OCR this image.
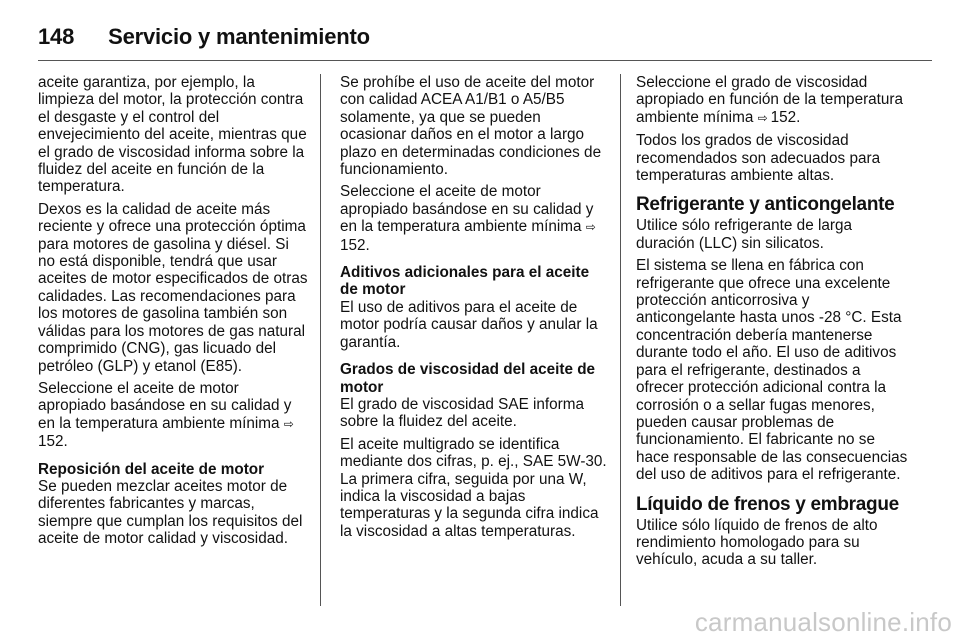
148 Servicio y mantenimiento

aceite garantiza, por ejemplo, la limpieza del motor, la protección contra el desgaste y el control del envejecimiento del aceite, mientras que el grado de viscosidad informa sobre la fluidez del aceite en función de la temperatura.

Dexos es la calidad de aceite más reciente y ofrece una protección óptima para motores de gasolina y diésel. Si no está disponible, tendrá que usar aceites de motor especificados de otras calidades. Las recomendaciones para los motores de gasolina también son válidas para los motores de gas natural comprimido (CNG), gas licuado del petróleo (GLP) y etanol (E85).

Seleccione el aceite de motor apropiado basándose en su calidad y en la temperatura ambiente mínima ⇨152.

Reposición del aceite de motor

Se pueden mezclar aceites motor de diferentes fabricantes y marcas, siempre que cumplan los requisitos del aceite de motor calidad y viscosidad.

Se prohíbe el uso de aceite del motor con calidad ACEA A1/B1 o A5/B5 solamente, ya que se pueden ocasionar daños en el motor a largo plazo en determinadas condiciones de funcionamiento.

Seleccione el aceite de motor apropiado basándose en su calidad y en la temperatura ambiente mínima ⇨152.

Aditivos adicionales para el aceite de motor

El uso de aditivos para el aceite de motor podría causar daños y anular la garantía.

Grados de viscosidad del aceite de motor

El grado de viscosidad SAE informa sobre la fluidez del aceite.

El aceite multigrado se identifica mediante dos cifras, p. ej., SAE 5W-30. La primera cifra, seguida por una W, indica la viscosidad a bajas temperaturas y la segunda cifra indica la viscosidad a altas temperaturas.

Seleccione el grado de viscosidad apropiado en función de la temperatura ambiente mínima ⇨ 152.

Todos los grados de viscosidad recomendados son adecuados para temperaturas ambiente altas.

Refrigerante y anticongelante

Utilice sólo refrigerante de larga duración (LLC) sin silicatos.

El sistema se llena en fábrica con refrigerante que ofrece una excelente protección anticorrosiva y anticongelante hasta unos -28 °C. Esta concentración debería mantenerse durante todo el año. El uso de aditivos para el refrigerante, destinados a ofrecer protección adicional contra la corrosión o a sellar fugas menores, pueden causar problemas de funcionamiento. El fabricante no se hace responsable de las consecuencias del uso de aditivos para el refrigerante.

Líquido de frenos y embrague

Utilice sólo líquido de frenos de alto rendimiento homologado para su vehículo, acuda a su taller.

carmanualsonline.info
